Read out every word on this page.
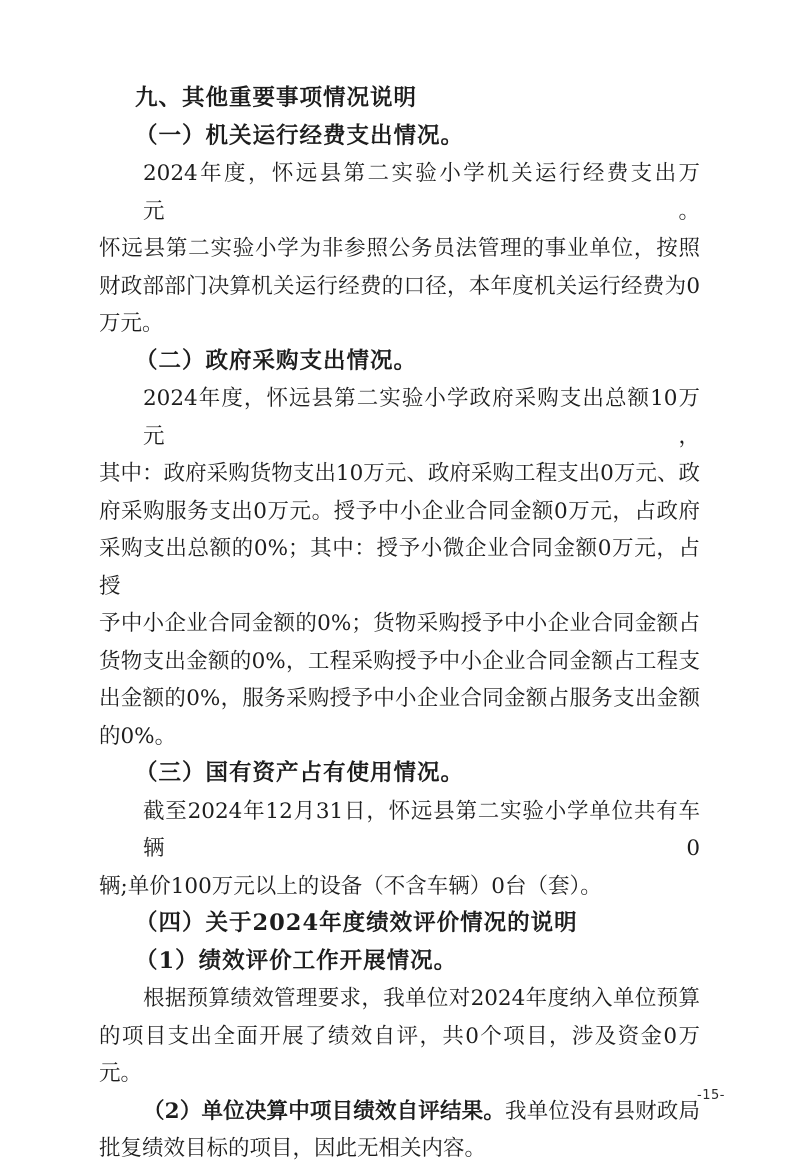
九、其他重要事项情况说明
（一）机关运行经费支出情况。
2024年度，怀远县第二实验小学机关运行经费支出万元　。
怀远县第二实验小学为非参照公务员法管理的事业单位，按照
财政部部门决算机关运行经费的口径，本年度机关运行经费为0
万元。
（二）政府采购支出情况。
2024年度，怀远县第二实验小学政府采购支出总额10万元，
其中：政府采购货物支出10万元、政府采购工程支出0万元、政
府采购服务支出0万元。授予中小企业合同金额0万元，占政府
采购支出总额的0%；其中：授予小微企业合同金额0万元，占授
予中小企业合同金额的0%；货物采购授予中小企业合同金额占
货物支出金额的0%，工程采购授予中小企业合同金额占工程支
出金额的0%，服务采购授予中小企业合同金额占服务支出金额
的0%。
（三）国有资产占有使用情况。
截至2024年12月31日，怀远县第二实验小学单位共有车辆0
辆;单价100万元以上的设备（不含车辆）0台（套）。
（四）关于2024年度绩效评价情况的说明
（1）绩效评价工作开展情况。
根据预算绩效管理要求，我单位对2024年度纳入单位预算
的项目支出全面开展了绩效自评，共0个项目，涉及资金0万
元。
（2）单位决算中项目绩效自评结果。我单位没有县财政局
批复绩效目标的项目，因此无相关内容。
-15-
